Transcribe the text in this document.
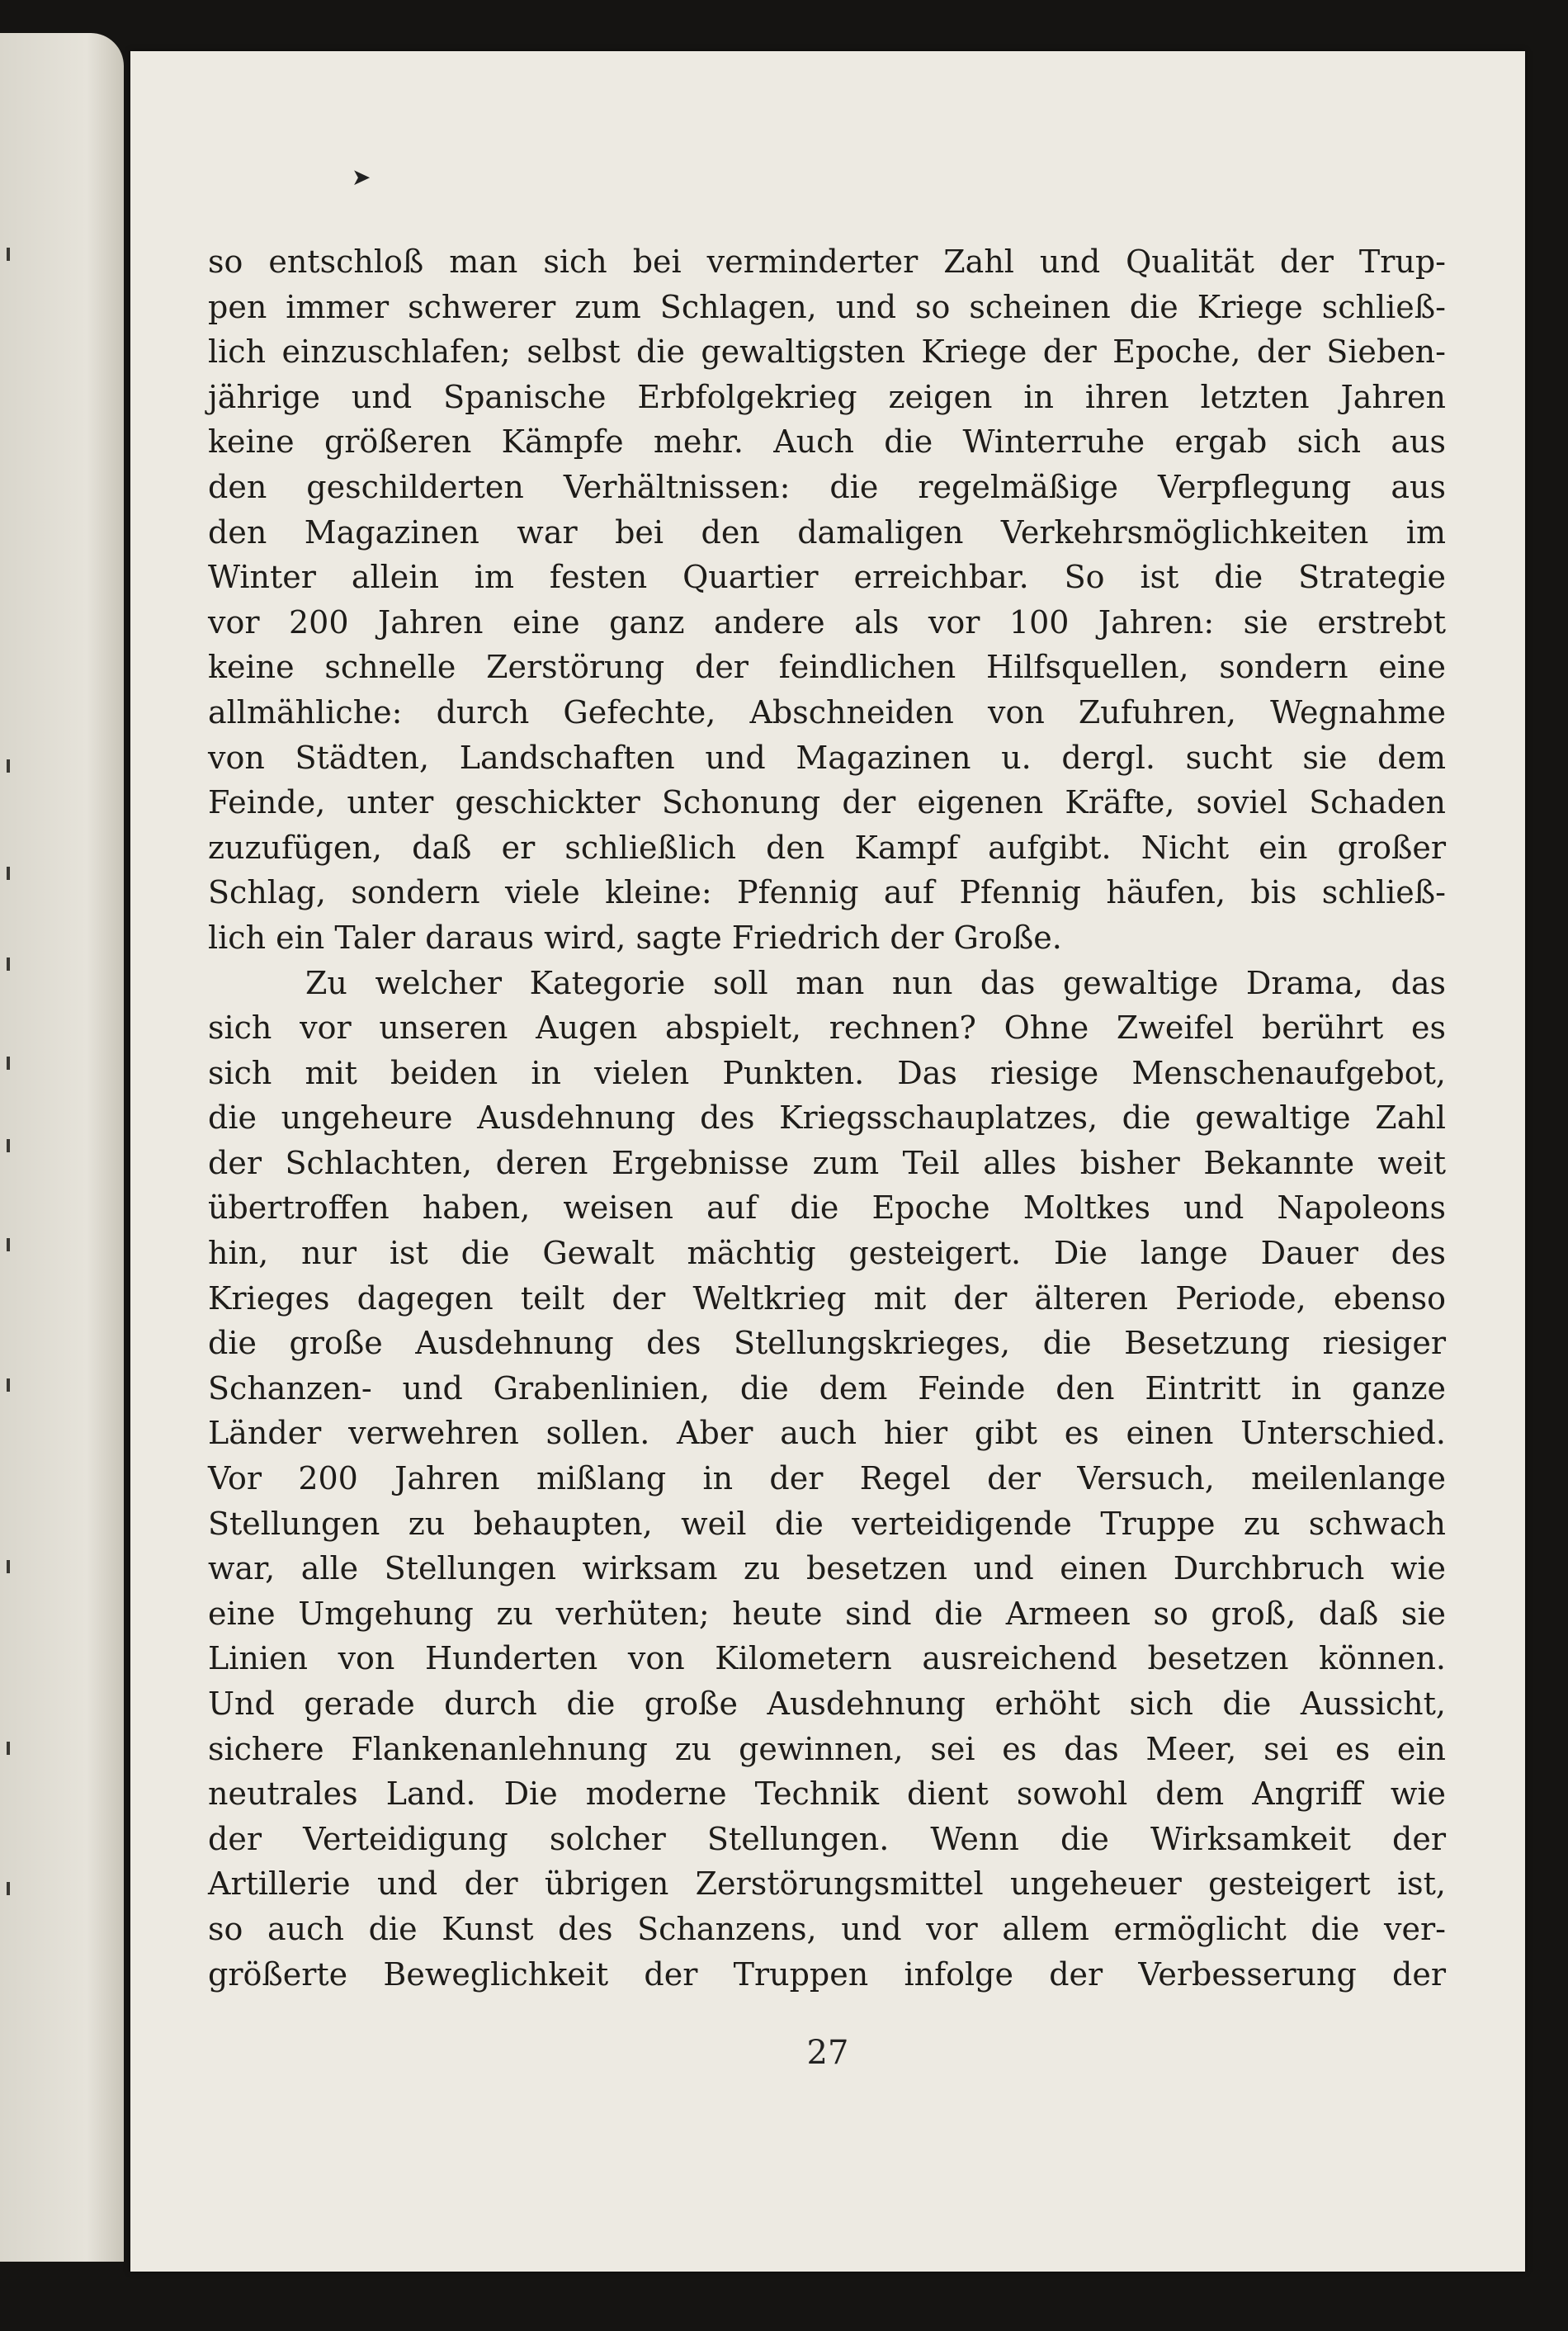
➤
so entschloß man sich bei verminderter Zahl und Qualität der Trup-
pen immer schwerer zum Schlagen, und so scheinen die Kriege schließ-
lich einzuschlafen; selbst die gewaltigsten Kriege der Epoche, der Sieben-
jährige und Spanische Erbfolgekrieg zeigen in ihren letzten Jahren
keine größeren Kämpfe mehr. Auch die Winterruhe ergab sich aus
den geschilderten Verhältnissen: die regelmäßige Verpflegung aus
den Magazinen war bei den damaligen Verkehrsmöglichkeiten im
Winter allein im festen Quartier erreichbar. So ist die Strategie
vor 200 Jahren eine ganz andere als vor 100 Jahren: sie erstrebt
keine schnelle Zerstörung der feindlichen Hilfsquellen, sondern eine
allmähliche: durch Gefechte, Abschneiden von Zufuhren, Wegnahme
von Städten, Landschaften und Magazinen u. dergl. sucht sie dem
Feinde, unter geschickter Schonung der eigenen Kräfte, soviel Schaden
zuzufügen, daß er schließlich den Kampf aufgibt. Nicht ein großer
Schlag, sondern viele kleine: Pfennig auf Pfennig häufen, bis schließ-
lich ein Taler daraus wird, sagte Friedrich der Große.
Zu welcher Kategorie soll man nun das gewaltige Drama, das
sich vor unseren Augen abspielt, rechnen? Ohne Zweifel berührt es
sich mit beiden in vielen Punkten. Das riesige Menschenaufgebot,
die ungeheure Ausdehnung des Kriegsschauplatzes, die gewaltige Zahl
der Schlachten, deren Ergebnisse zum Teil alles bisher Bekannte weit
übertroffen haben, weisen auf die Epoche Moltkes und Napoleons
hin, nur ist die Gewalt mächtig gesteigert. Die lange Dauer des
Krieges dagegen teilt der Weltkrieg mit der älteren Periode, ebenso
die große Ausdehnung des Stellungskrieges, die Besetzung riesiger
Schanzen- und Grabenlinien, die dem Feinde den Eintritt in ganze
Länder verwehren sollen. Aber auch hier gibt es einen Unterschied.
Vor 200 Jahren mißlang in der Regel der Versuch, meilenlange
Stellungen zu behaupten, weil die verteidigende Truppe zu schwach
war, alle Stellungen wirksam zu besetzen und einen Durchbruch wie
eine Umgehung zu verhüten; heute sind die Armeen so groß, daß sie
Linien von Hunderten von Kilometern ausreichend besetzen können.
Und gerade durch die große Ausdehnung erhöht sich die Aussicht,
sichere Flankenanlehnung zu gewinnen, sei es das Meer, sei es ein
neutrales Land. Die moderne Technik dient sowohl dem Angriff wie
der Verteidigung solcher Stellungen. Wenn die Wirksamkeit der
Artillerie und der übrigen Zerstörungsmittel ungeheuer gesteigert ist,
so auch die Kunst des Schanzens, und vor allem ermöglicht die ver-
größerte Beweglichkeit der Truppen infolge der Verbesserung der
27
